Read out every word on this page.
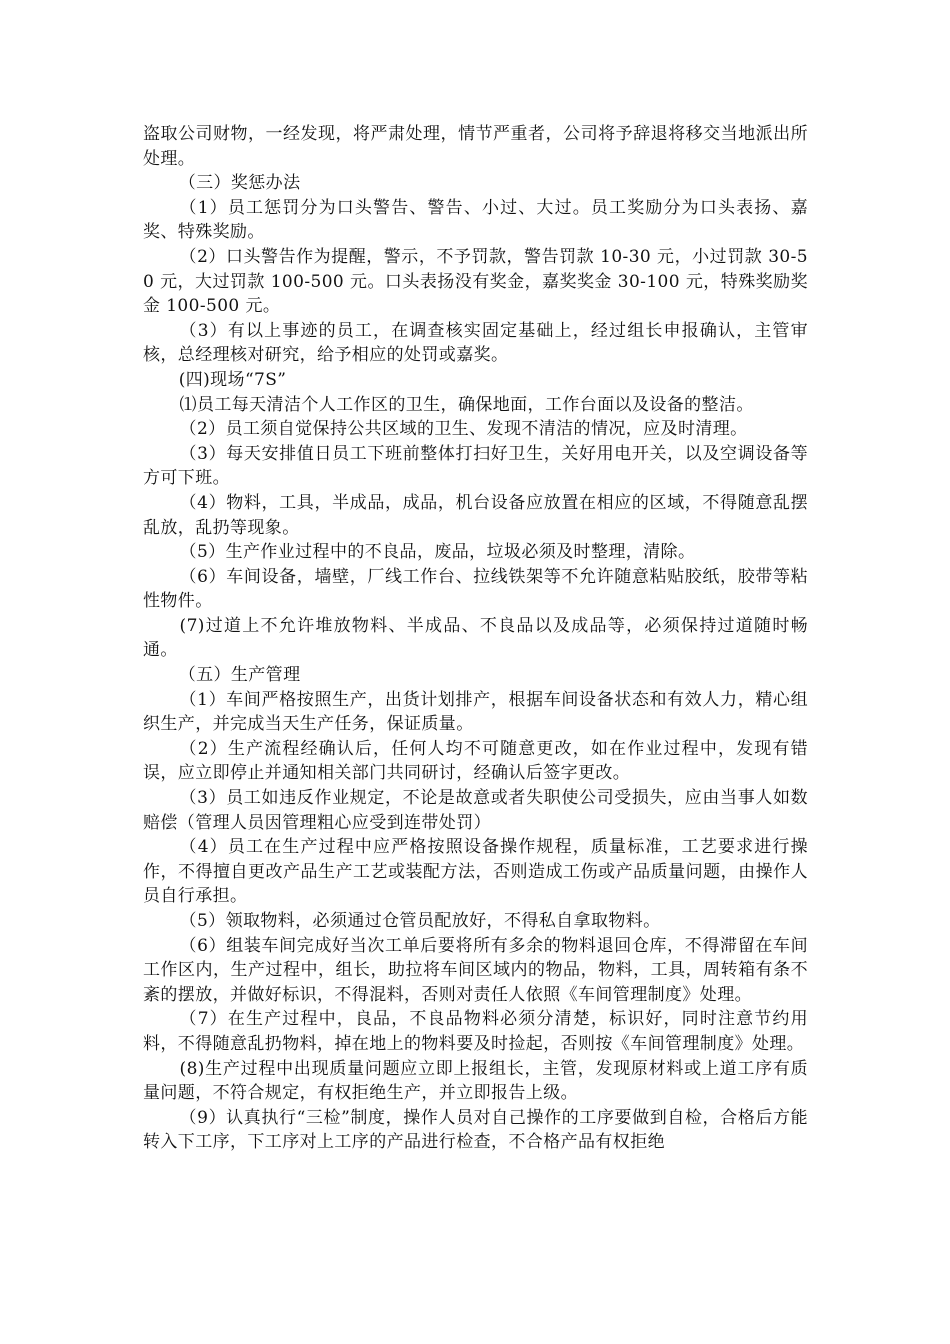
盗取公司财物，一经发现，将严肃处理，情节严重者，公司将予辞退将移交当地派出所处理。

（三）奖惩办法

（1）员工惩罚分为口头警告、警告、小过、大过。员工奖励分为口头表扬、嘉奖、特殊奖励。

（2）口头警告作为提醒，警示，不予罚款，警告罚款 10-30 元，小过罚款 30-50 元，大过罚款 100-500 元。口头表扬没有奖金，嘉奖奖金 30-100 元，特殊奖励奖金 100-500 元。

（3）有以上事迹的员工，在调查核实固定基础上，经过组长申报确认，主管审核，总经理核对研究，给予相应的处罚或嘉奖。

(四)现场“7S”

⑴员工每天清洁个人工作区的卫生，确保地面，工作台面以及设备的整洁。

（2）员工须自觉保持公共区域的卫生、发现不清洁的情况，应及时清理。

（3）每天安排值日员工下班前整体打扫好卫生，关好用电开关，以及空调设备等方可下班。

（4）物料，工具，半成品，成品，机台设备应放置在相应的区域，不得随意乱摆乱放，乱扔等现象。

（5）生产作业过程中的不良品，废品，垃圾必须及时整理，清除。

（6）车间设备，墙壁，厂线工作台、拉线铁架等不允许随意粘贴胶纸，胶带等粘性物件。

(7)过道上不允许堆放物料、半成品、不良品以及成品等，必须保持过道随时畅通。

（五）生产管理

（1）车间严格按照生产，出货计划排产，根据车间设备状态和有效人力，精心组织生产，并完成当天生产任务，保证质量。

（2）生产流程经确认后，任何人均不可随意更改，如在作业过程中，发现有错误，应立即停止并通知相关部门共同研讨，经确认后签字更改。

（3）员工如违反作业规定，不论是故意或者失职使公司受损失，应由当事人如数赔偿（管理人员因管理粗心应受到连带处罚）

（4）员工在生产过程中应严格按照设备操作规程，质量标准，工艺要求进行操作，不得擅自更改产品生产工艺或装配方法，否则造成工伤或产品质量问题，由操作人员自行承担。

（5）领取物料，必须通过仓管员配放好，不得私自拿取物料。

（6）组装车间完成好当次工单后要将所有多余的物料退回仓库，不得滞留在车间工作区内，生产过程中，组长，助拉将车间区域内的物品，物料，工具，周转箱有条不紊的摆放，并做好标识，不得混料，否则对责任人依照《车间管理制度》处理。

（7）在生产过程中，良品，不良品物料必须分清楚，标识好，同时注意节约用料，不得随意乱扔物料，掉在地上的物料要及时捡起，否则按《车间管理制度》处理。

(8)生产过程中出现质量问题应立即上报组长，主管，发现原材料或上道工序有质量问题，不符合规定，有权拒绝生产，并立即报告上级。

（9）认真执行“三检”制度，操作人员对自己操作的工序要做到自检，合格后方能转入下工序，下工序对上工序的产品进行检查，不合格产品有权拒绝
